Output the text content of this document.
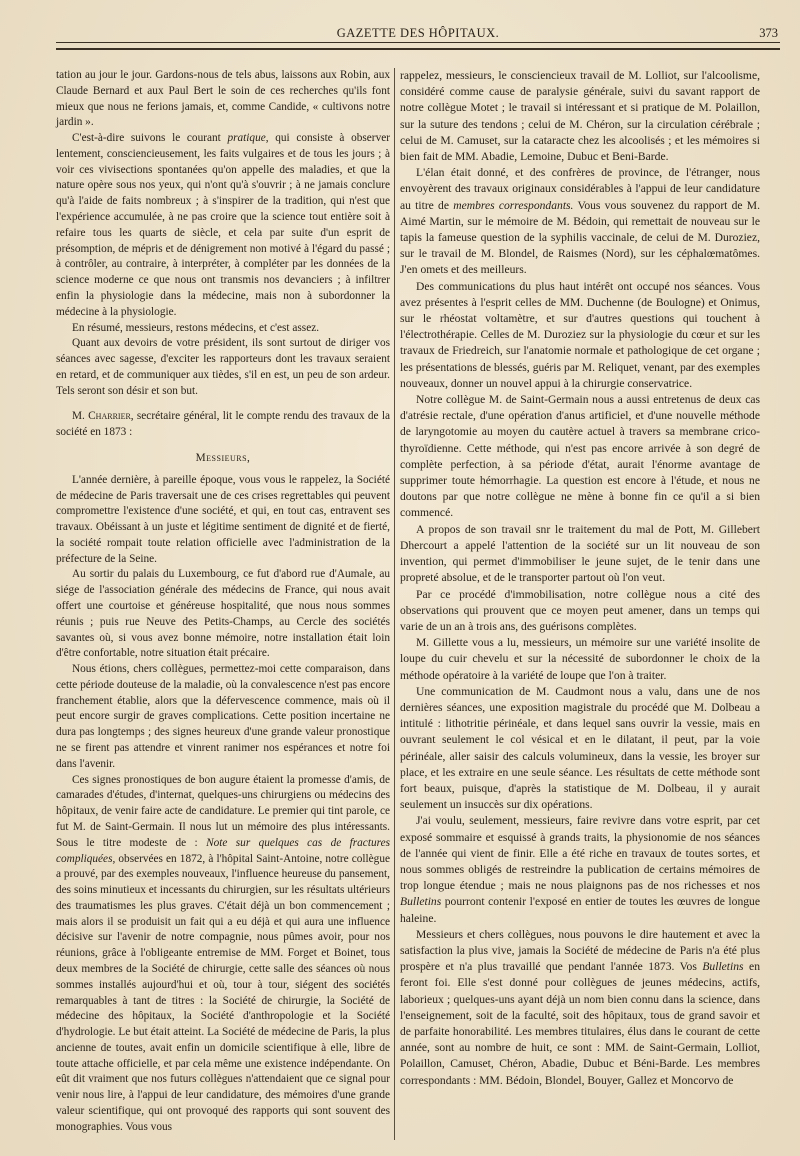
GAZETTE DES HÔPITAUX.	373

tation au jour le jour. Gardons-nous de tels abus, laissons aux Robin, aux Claude Bernard et aux Paul Bert le soin de ces recherches qu'ils font mieux que nous ne ferions jamais, et, comme Candide, « cultivons notre jardin ».

C'est-à-dire suivons le courant pratique, qui consiste à observer lentement, consciencieusement, les faits vulgaires et de tous les jours ; à voir ces vivisections spontanées qu'on appelle des maladies, et que la nature opère sous nos yeux, qui n'ont qu'à s'ouvrir ; à ne jamais conclure qu'à l'aide de faits nombreux ; à s'inspirer de la tradition, qui n'est que l'expérience accumulée, à ne pas croire que la science tout entière soit à refaire tous les quarts de siècle, et cela par suite d'un esprit de présomption, de mépris et de dénigrement non motivé à l'égard du passé ; à contrôler, au contraire, à interpréter, à compléter par les données de la science moderne ce que nous ont transmis nos devanciers ; à infiltrer enfin la physiologie dans la médecine, mais non à subordonner la médecine à la physiologie.

En résumé, messieurs, restons médecins, et c'est assez.

Quant aux devoirs de votre président, ils sont surtout de diriger vos séances avec sagesse, d'exciter les rapporteurs dont les travaux seraient en retard, et de communiquer aux tièdes, s'il en est, un peu de son ardeur. Tels seront son désir et son but.

M. Charrier, secrétaire général, lit le compte rendu des travaux de la société en 1873 :

Messieurs,

L'année dernière, à pareille époque, vous vous le rappelez, la Société de médecine de Paris traversait une de ces crises regrettables qui peuvent compromettre l'existence d'une société, et qui, en tout cas, entravent ses travaux. Obéissant à un juste et légitime sentiment de dignité et de fierté, la société rompait toute relation officielle avec l'administration de la préfecture de la Seine.

Au sortir du palais du Luxembourg, ce fut d'abord rue d'Aumale, au siége de l'association générale des médecins de France, qui nous avait offert une courtoise et généreuse hospitalité, que nous nous sommes réunis ; puis rue Neuve des Petits-Champs, au Cercle des sociétés savantes où, si vous avez bonne mémoire, notre installation était loin d'être confortable, notre situation était précaire.

Nous étions, chers collègues, permettez-moi cette comparaison, dans cette période douteuse de la maladie, où la convalescence n'est pas encore franchement établie, alors que la défervescence commence, mais où il peut encore surgir de graves complications. Cette position incertaine ne dura pas longtemps ; des signes heureux d'une grande valeur pronostique ne se firent pas attendre et vinrent ranimer nos espérances et notre foi dans l'avenir.

Ces signes pronostiques de bon augure étaient la promesse d'amis, de camarades d'études, d'internat, quelques-uns chirurgiens ou médecins des hôpitaux, de venir faire acte de candidature. Le premier qui tint parole, ce fut M. de Saint-Germain. Il nous lut un mémoire des plus intéressants. Sous le titre modeste de : Note sur quelques cas de fractures compliquées, observées en 1872, à l'hôpital Saint-Antoine, notre collègue a prouvé, par des exemples nouveaux, l'influence heureuse du pansement, des soins minutieux et incessants du chirurgien, sur les résultats ultérieurs des traumatismes les plus graves. C'était déjà un bon commencement ; mais alors il se produisit un fait qui a eu déjà et qui aura une influence décisive sur l'avenir de notre compagnie, nous pûmes avoir, pour nos réunions, grâce à l'obligeante entremise de MM. Forget et Boinet, tous deux membres de la Société de chirurgie, cette salle des séances où nous sommes installés aujourd'hui et où, tour à tour, siégent des sociétés remarquables à tant de titres : la Société de chirurgie, la Société de médecine des hôpitaux, la Société d'anthropologie et la Société d'hydrologie. Le but était atteint. La Société de médecine de Paris, la plus ancienne de toutes, avait enfin un domicile scientifique à elle, libre de toute attache officielle, et par cela même une existence indépendante. On eût dit vraiment que nos futurs collègues n'attendaient que ce signal pour venir nous lire, à l'appui de leur candidature, des mémoires d'une grande valeur scientifique, qui ont provoqué des rapports qui sont souvent des monographies. Vous vous

rappelez, messieurs, le consciencieux travail de M. Lolliot, sur l'alcoolisme, considéré comme cause de paralysie générale, suivi du savant rapport de notre collègue Motet ; le travail si intéressant et si pratique de M. Polaillon, sur la suture des tendons ; celui de M. Chéron, sur la circulation cérébrale ; celui de M. Camuset, sur la cataracte chez les alcoolisés ; et les mémoires si bien fait de MM. Abadie, Lemoine, Dubuc et Beni-Barde.

L'élan était donné, et des confrères de province, de l'étranger, nous envoyèrent des travaux originaux considérables à l'appui de leur candidature au titre de membres correspondants. Vous vous souvenez du rapport de M. Aimé Martin, sur le mémoire de M. Bédoin, qui remettait de nouveau sur le tapis la fameuse question de la syphilis vaccinale, de celui de M. Duroziez, sur le travail de M. Blondel, de Raismes (Nord), sur les céphalœmatômes. J'en omets et des meilleurs.

Des communications du plus haut intérêt ont occupé nos séances. Vous avez présentes à l'esprit celles de MM. Duchenne (de Boulogne) et Onimus, sur le rhéostat voltamètre, et sur d'autres questions qui touchent à l'électrothérapie. Celles de M. Duroziez sur la physiologie du cœur et sur les travaux de Friedreich, sur l'anatomie normale et pathologique de cet organe ; les présentations de blessés, guéris par M. Reliquet, venant, par des exemples nouveaux, donner un nouvel appui à la chirurgie conservatrice.

Notre collègue M. de Saint-Germain nous a aussi entretenus de deux cas d'atrésie rectale, d'une opération d'anus artificiel, et d'une nouvelle méthode de laryngotomie au moyen du cautère actuel à travers sa membrane crico-thyroïdienne. Cette méthode, qui n'est pas encore arrivée à son degré de complète perfection, à sa période d'état, aurait l'énorme avantage de supprimer toute hémorrhagie. La question est encore à l'étude, et nous ne doutons par que notre collègue ne mène à bonne fin ce qu'il a si bien commencé.

A propos de son travail snr le traitement du mal de Pott, M. Gillebert Dhercourt a appelé l'attention de la société sur un lit nouveau de son invention, qui permet d'immobiliser le jeune sujet, de le tenir dans une propreté absolue, et de le transporter partout où l'on veut.

Par ce procédé d'immobilisation, notre collègue nous a cité des observations qui prouvent que ce moyen peut amener, dans un temps qui varie de un an à trois ans, des guérisons complètes.

M. Gillette vous a lu, messieurs, un mémoire sur une variété insolite de loupe du cuir chevelu et sur la nécessité de subordonner le choix de la méthode opératoire à la variété de loupe que l'on à traiter.

Une communication de M. Caudmont nous a valu, dans une de nos dernières séances, une exposition magistrale du procédé que M. Dolbeau a intitulé : lithotritie périnéale, et dans lequel sans ouvrir la vessie, mais en ouvrant seulement le col vésical et en le dilatant, il peut, par la voie périnéale, aller saisir des calculs volumineux, dans la vessie, les broyer sur place, et les extraire en une seule séance. Les résultats de cette méthode sont fort beaux, puisque, d'après la statistique de M. Dolbeau, il y aurait seulement un insuccès sur dix opérations.

J'ai voulu, seulement, messieurs, faire revivre dans votre esprit, par cet exposé sommaire et esquissé à grands traits, la physionomie de nos séances de l'année qui vient de finir. Elle a été riche en travaux de toutes sortes, et nous sommes obligés de restreindre la publication de certains mémoires de trop longue étendue ; mais ne nous plaignons pas de nos richesses et nos Bulletins pourront contenir l'exposé en entier de toutes les œuvres de longue haleine.

Messieurs et chers collègues, nous pouvons le dire hautement et avec la satisfaction la plus vive, jamais la Société de médecine de Paris n'a été plus prospère et n'a plus travaillé que pendant l'année 1873. Vos Bulletins en feront foi. Elle s'est donné pour collègues de jeunes médecins, actifs, laborieux ; quelques-uns ayant déjà un nom bien connu dans la science, dans l'enseignement, soit de la faculté, soit des hôpitaux, tous de grand savoir et de parfaite honorabilité. Les membres titulaires, élus dans le courant de cette année, sont au nombre de huit, ce sont : MM. de Saint-Germain, Lolliot, Polaillon, Camuset, Chéron, Abadie, Dubuc et Béni-Barde. Les membres correspondants : MM. Bédoin, Blondel, Bouyer, Gallez et Moncorvo de
